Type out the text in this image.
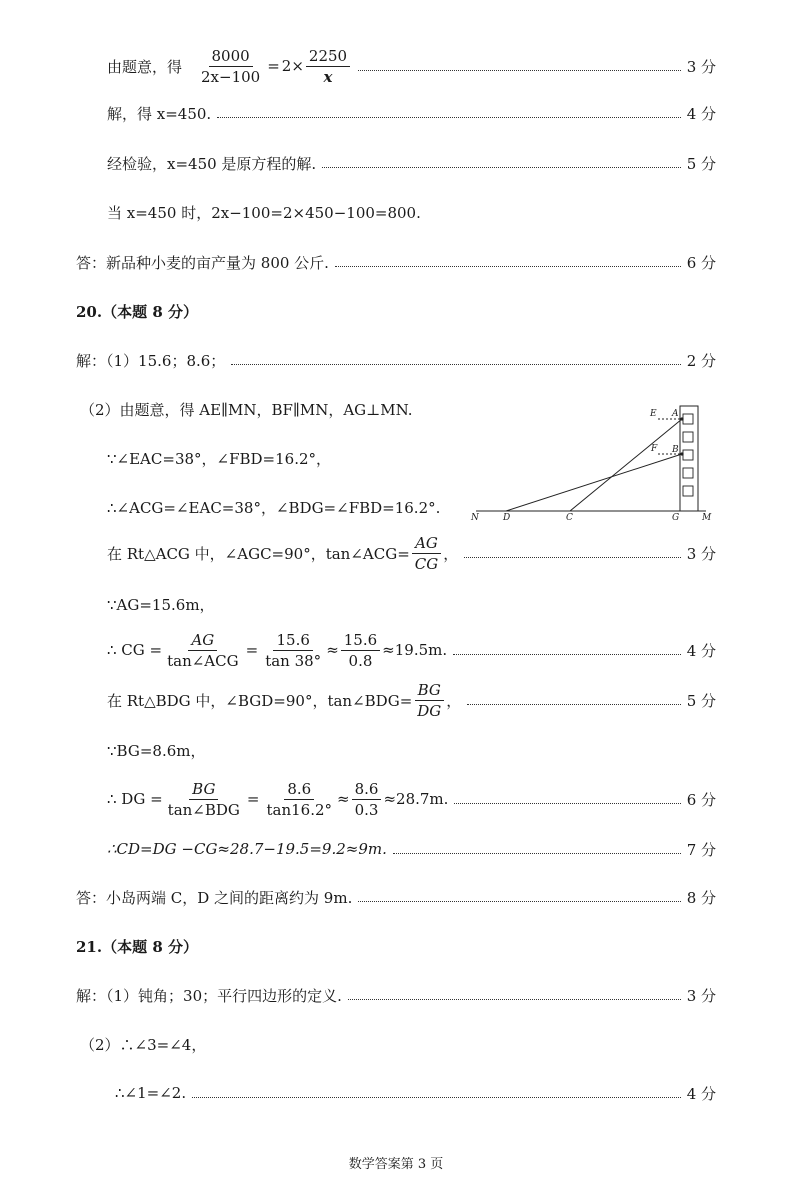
由题意，得 $\frac{8000}{2x-100} = 2\times \frac{2250}{x}$	3 分
解，得 x=450.	4 分
经检验，x=450 是原方程的解.	5 分
当 x=450 时，2x−100=2×450−100=800.
答：新品种小麦的亩产量为 800 公斤.	6 分
20.（本题 8 分）
解：（1）15.6；8.6；	2 分
（2）由题意，得 AE∥MN，BF∥MN，AG⊥MN.
∵∠EAC=38°，∠FBD=16.2°，
∴∠ACG=∠EAC=38°，∠BDG=∠FBD=16.2°.
E A
F B
N	D	C	G	M
在 Rt△ACG 中，∠AGC=90°，tan∠ACG= $\frac{AG}{CG}$ ，	3 分
∵AG=15.6m，
∴ CG = $\frac{AG}{\text{tan∠ACG}} = \frac{15.6}{\tan 38^\circ} \approx \frac{15.6}{0.8} \approx 19.5m$.	4 分
在 Rt△BDG 中，∠BGD=90°，tan∠BDG= $\frac{BG}{DG}$ ，	5 分
∵BG=8.6m，
∴ DG = $\frac{BG}{\text{tan∠BDG}} = \frac{8.6}{\tan 16.2^\circ} \approx \frac{8.6}{0.3} \approx 28.7m$.	6 分
∴CD=DG −CG≈28.7−19.5=9.2≈9m.	7 分
答：小岛两端 C，D 之间的距离约为 9m.	8 分
21.（本题 8 分）
解：（1）钝角；30；平行四边形的定义.	3 分
（2）∴∠3=∠4，
∴∠1=∠2.	4 分
数学答案第 3 页
